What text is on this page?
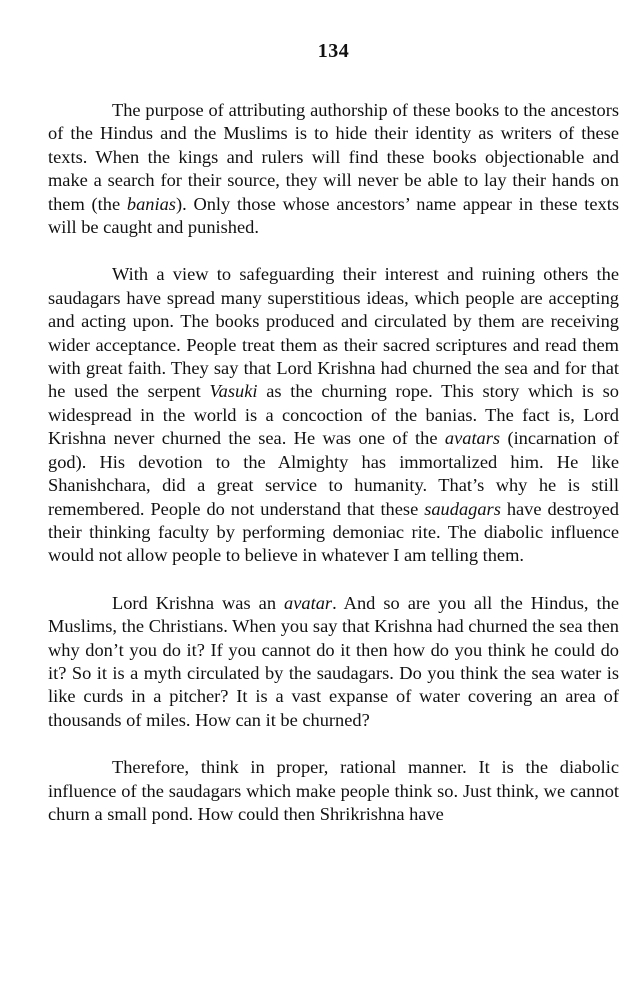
134

The purpose of attributing authorship of these books to the ancestors of the Hindus and the Muslims is to hide their identity as writers of these texts. When the kings and rulers will find these books objectionable and make a search for their source, they will never be able to lay their hands on them (the banias). Only those whose ancestors’ name appear in these texts will be caught and punished.

With a view to safeguarding their interest and ruining others the saudagars have spread many superstitious ideas, which people are accepting and acting upon. The books produced and circulated by them are receiving wider acceptance. People treat them as their sacred scriptures and read them with great faith. They say that Lord Krishna had churned the sea and for that he used the serpent Vasuki as the churning rope. This story which is so widespread in the world is a concoction of the banias. The fact is, Lord Krishna never churned the sea. He was one of the avatars (incarnation of god). His devotion to the Almighty has immortalized him. He like Shanishchara, did a great service to humanity. That’s why he is still remembered. People do not understand that these saudagars have destroyed their thinking faculty by performing demoniac rite. The diabolic influence would not allow people to believe in whatever I am telling them.

Lord Krishna was an avatar. And so are you all the Hindus, the Muslims, the Christians. When you say that Krishna had churned the sea then why don’t you do it? If you cannot do it then how do you think he could do it? So it is a myth circulated by the saudagars. Do you think the sea water is like curds in a pitcher? It is a vast expanse of water covering an area of thousands of miles. How can it be churned?

Therefore, think in proper, rational manner. It is the diabolic influence of the saudagars which make people think so. Just think, we cannot churn a small pond. How could then Shrikrishna have
